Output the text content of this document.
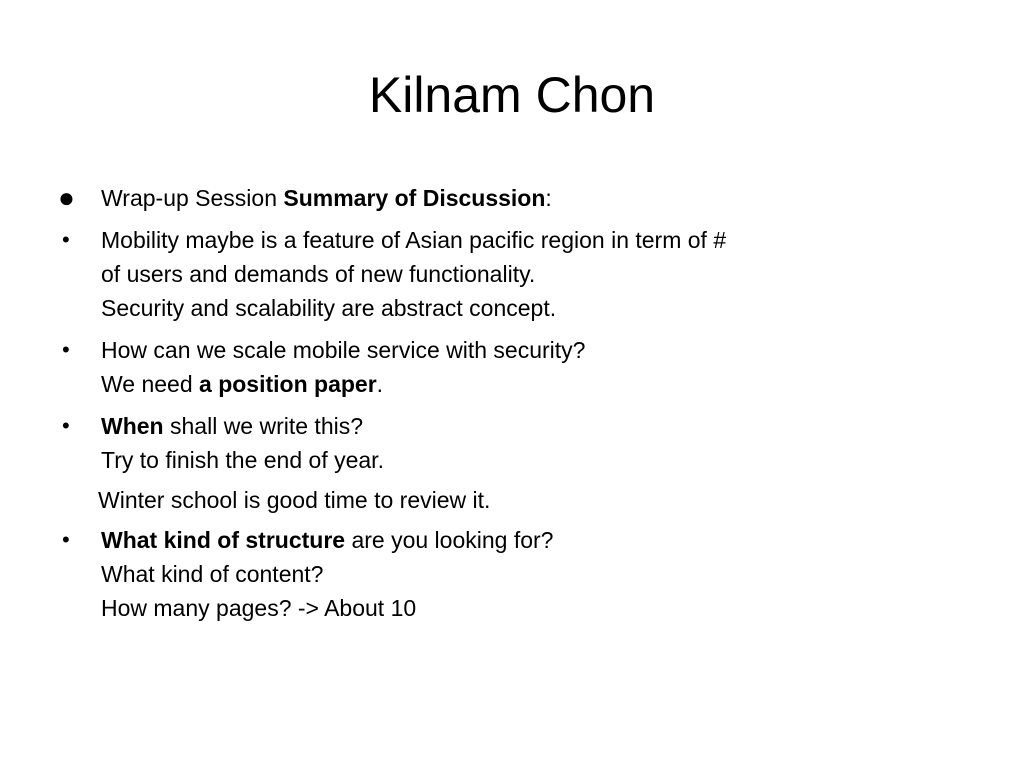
Kilnam Chon
●	Wrap-up Session Summary of Discussion:
•	Mobility maybe is a feature of Asian pacific region in term of #
of users and demands of new functionality.
Security and scalability are abstract concept.
•	How can we scale mobile service with security?
We need a position paper.
•	When shall we write this?
Try to finish the end of year.
Winter school is good time to review it.
•	What kind of structure are you looking for?
What kind of content?
How many pages? -> About 10
